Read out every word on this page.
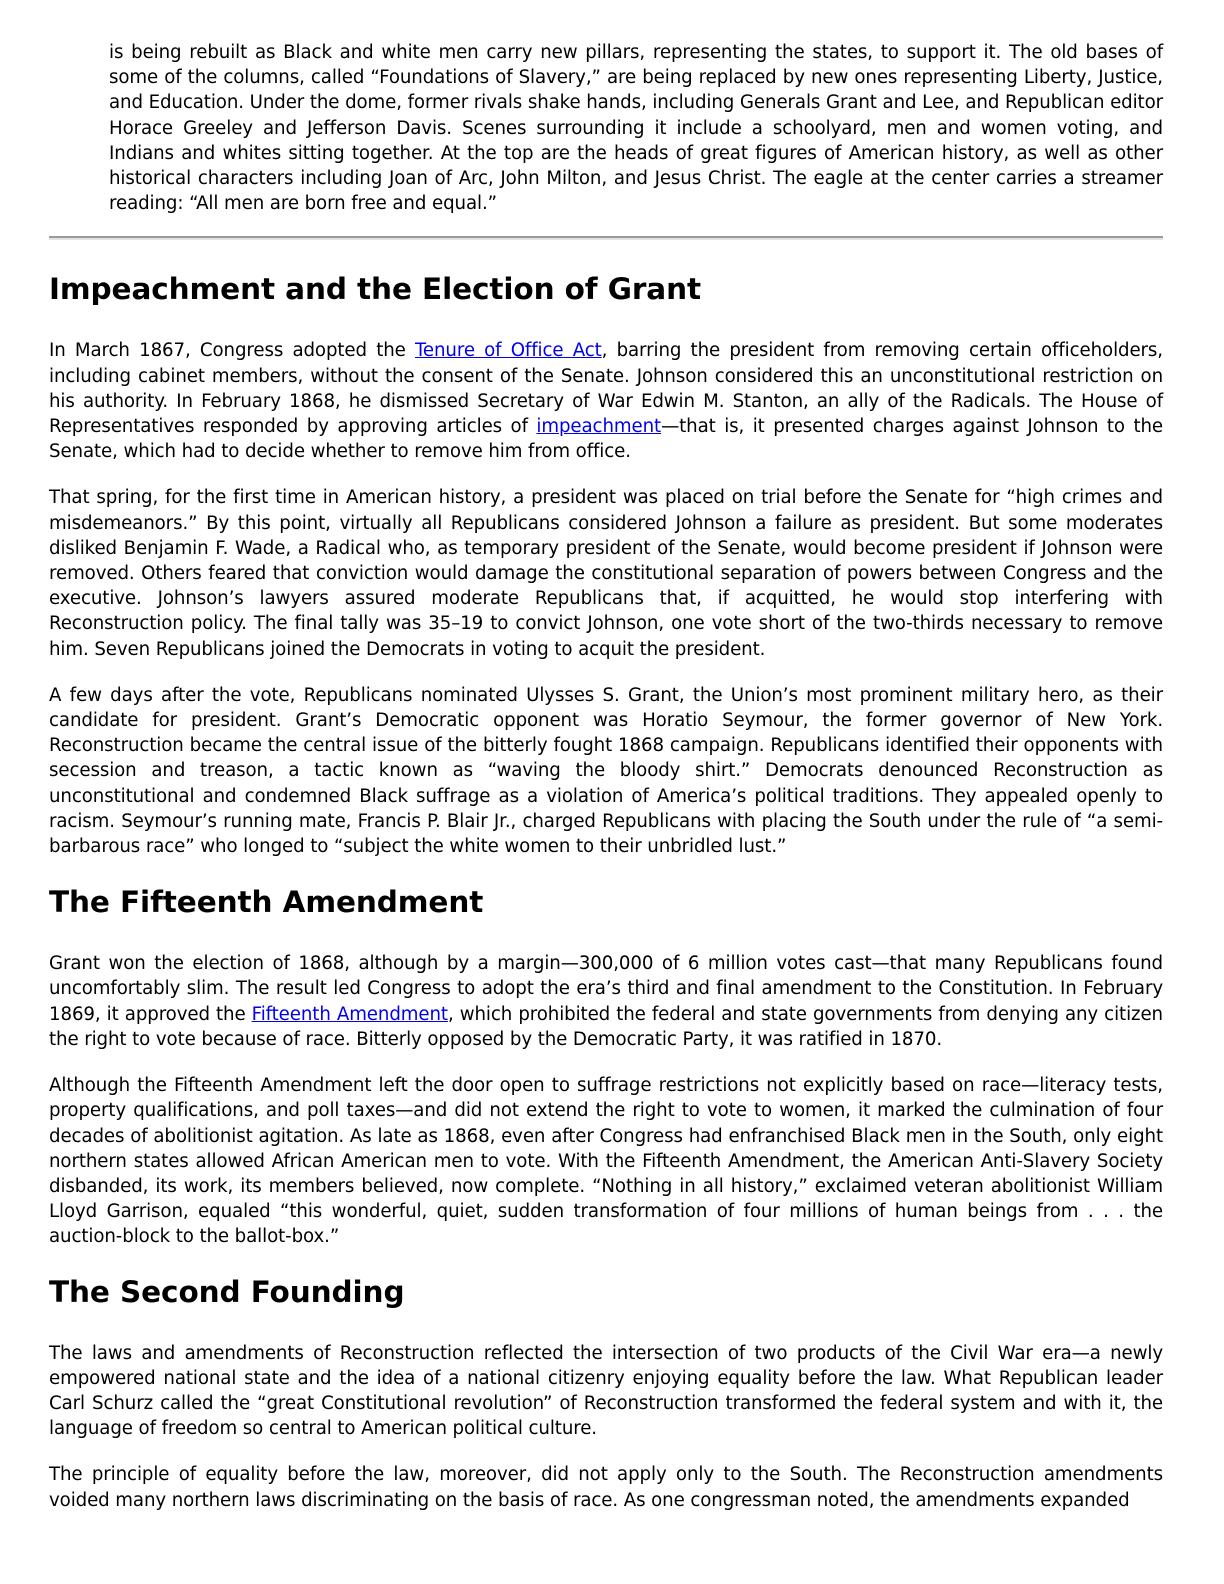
is being rebuilt as Black and white men carry new pillars, representing the states, to support it. The old bases of some of the columns, called “Foundations of Slavery,” are being replaced by new ones representing Liberty, Justice, and Education. Under the dome, former rivals shake hands, including Generals Grant and Lee, and Republican editor Horace Greeley and Jefferson Davis. Scenes surrounding it include a schoolyard, men and women voting, and Indians and whites sitting together. At the top are the heads of great figures of American history, as well as other historical characters including Joan of Arc, John Milton, and Jesus Christ. The eagle at the center carries a streamer reading: “All men are born free and equal.”
Impeachment and the Election of Grant

In March 1867, Congress adopted the Tenure of Office Act, barring the president from removing certain officeholders, including cabinet members, without the consent of the Senate. Johnson considered this an unconstitutional restriction on his authority. In February 1868, he dismissed Secretary of War Edwin M. Stanton, an ally of the Radicals. The House of Representatives responded by approving articles of impeachment—that is, it presented charges against Johnson to the Senate, which had to decide whether to remove him from office.

That spring, for the first time in American history, a president was placed on trial before the Senate for “high crimes and misdemeanors.” By this point, virtually all Republicans considered Johnson a failure as president. But some moderates disliked Benjamin F. Wade, a Radical who, as temporary president of the Senate, would become president if Johnson were removed. Others feared that conviction would damage the constitutional separation of powers between Congress and the executive. Johnson’s lawyers assured moderate Republicans that, if acquitted, he would stop interfering with Reconstruction policy. The final tally was 35–19 to convict Johnson, one vote short of the two-thirds necessary to remove him. Seven Republicans joined the Democrats in voting to acquit the president.

A few days after the vote, Republicans nominated Ulysses S. Grant, the Union’s most prominent military hero, as their candidate for president. Grant’s Democratic opponent was Horatio Seymour, the former governor of New York. Reconstruction became the central issue of the bitterly fought 1868 campaign. Republicans identified their opponents with secession and treason, a tactic known as “waving the bloody shirt.” Democrats denounced Reconstruction as unconstitutional and condemned Black suffrage as a violation of America’s political traditions. They appealed openly to racism. Seymour’s running mate, Francis P. Blair Jr., charged Republicans with placing the South under the rule of “a semi-barbarous race” who longed to “subject the white women to their unbridled lust.”

The Fifteenth Amendment

Grant won the election of 1868, although by a margin—300,000 of 6 million votes cast—that many Republicans found uncomfortably slim. The result led Congress to adopt the era’s third and final amendment to the Constitution. In February 1869, it approved the Fifteenth Amendment, which prohibited the federal and state governments from denying any citizen the right to vote because of race. Bitterly opposed by the Democratic Party, it was ratified in 1870.

Although the Fifteenth Amendment left the door open to suffrage restrictions not explicitly based on race—literacy tests, property qualifications, and poll taxes—and did not extend the right to vote to women, it marked the culmination of four decades of abolitionist agitation. As late as 1868, even after Congress had enfranchised Black men in the South, only eight northern states allowed African American men to vote. With the Fifteenth Amendment, the American Anti-Slavery Society disbanded, its work, its members believed, now complete. “Nothing in all history,” exclaimed veteran abolitionist William Lloyd Garrison, equaled “this wonderful, quiet, sudden transformation of four millions of human beings from . . . the auction-block to the ballot-box.”

The Second Founding

The laws and amendments of Reconstruction reflected the intersection of two products of the Civil War era—a newly empowered national state and the idea of a national citizenry enjoying equality before the law. What Republican leader Carl Schurz called the “great Constitutional revolution” of Reconstruction transformed the federal system and with it, the language of freedom so central to American political culture.

The principle of equality before the law, moreover, did not apply only to the South. The Reconstruction amendments voided many northern laws discriminating on the basis of race. As one congressman noted, the amendments expanded
